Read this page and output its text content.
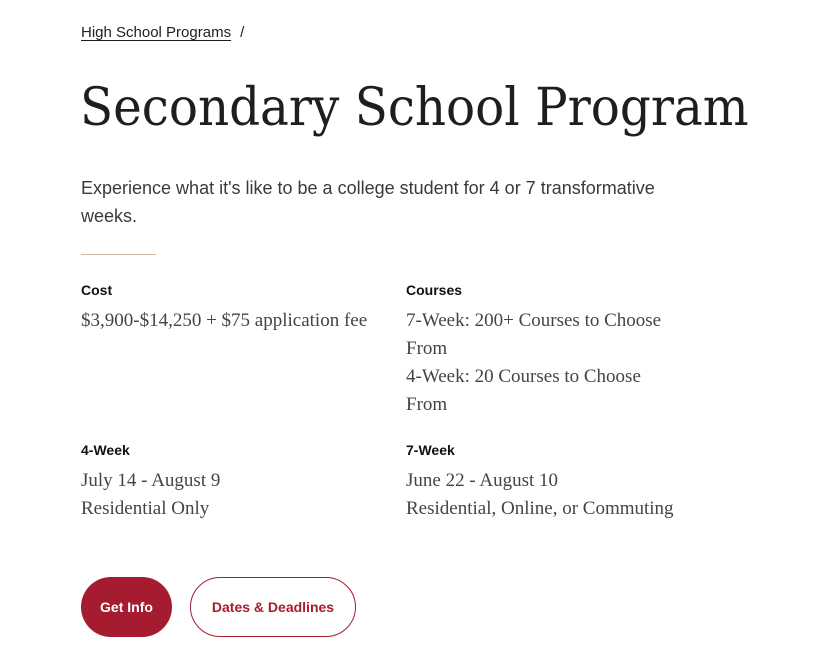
High School Programs /
Secondary School Program

Experience what it's like to be a college student for 4 or 7 transformative weeks.

Cost

$3,900-$14,250 + $75 application fee

Courses

7-Week: 200+ Courses to Choose From

4-Week: 20 Courses to Choose From

4-Week

July 14 - August 9

Residential Only

7-Week

June 22 - August 10

Residential, Online, or Commuting

Get Info	Dates & Deadlines
